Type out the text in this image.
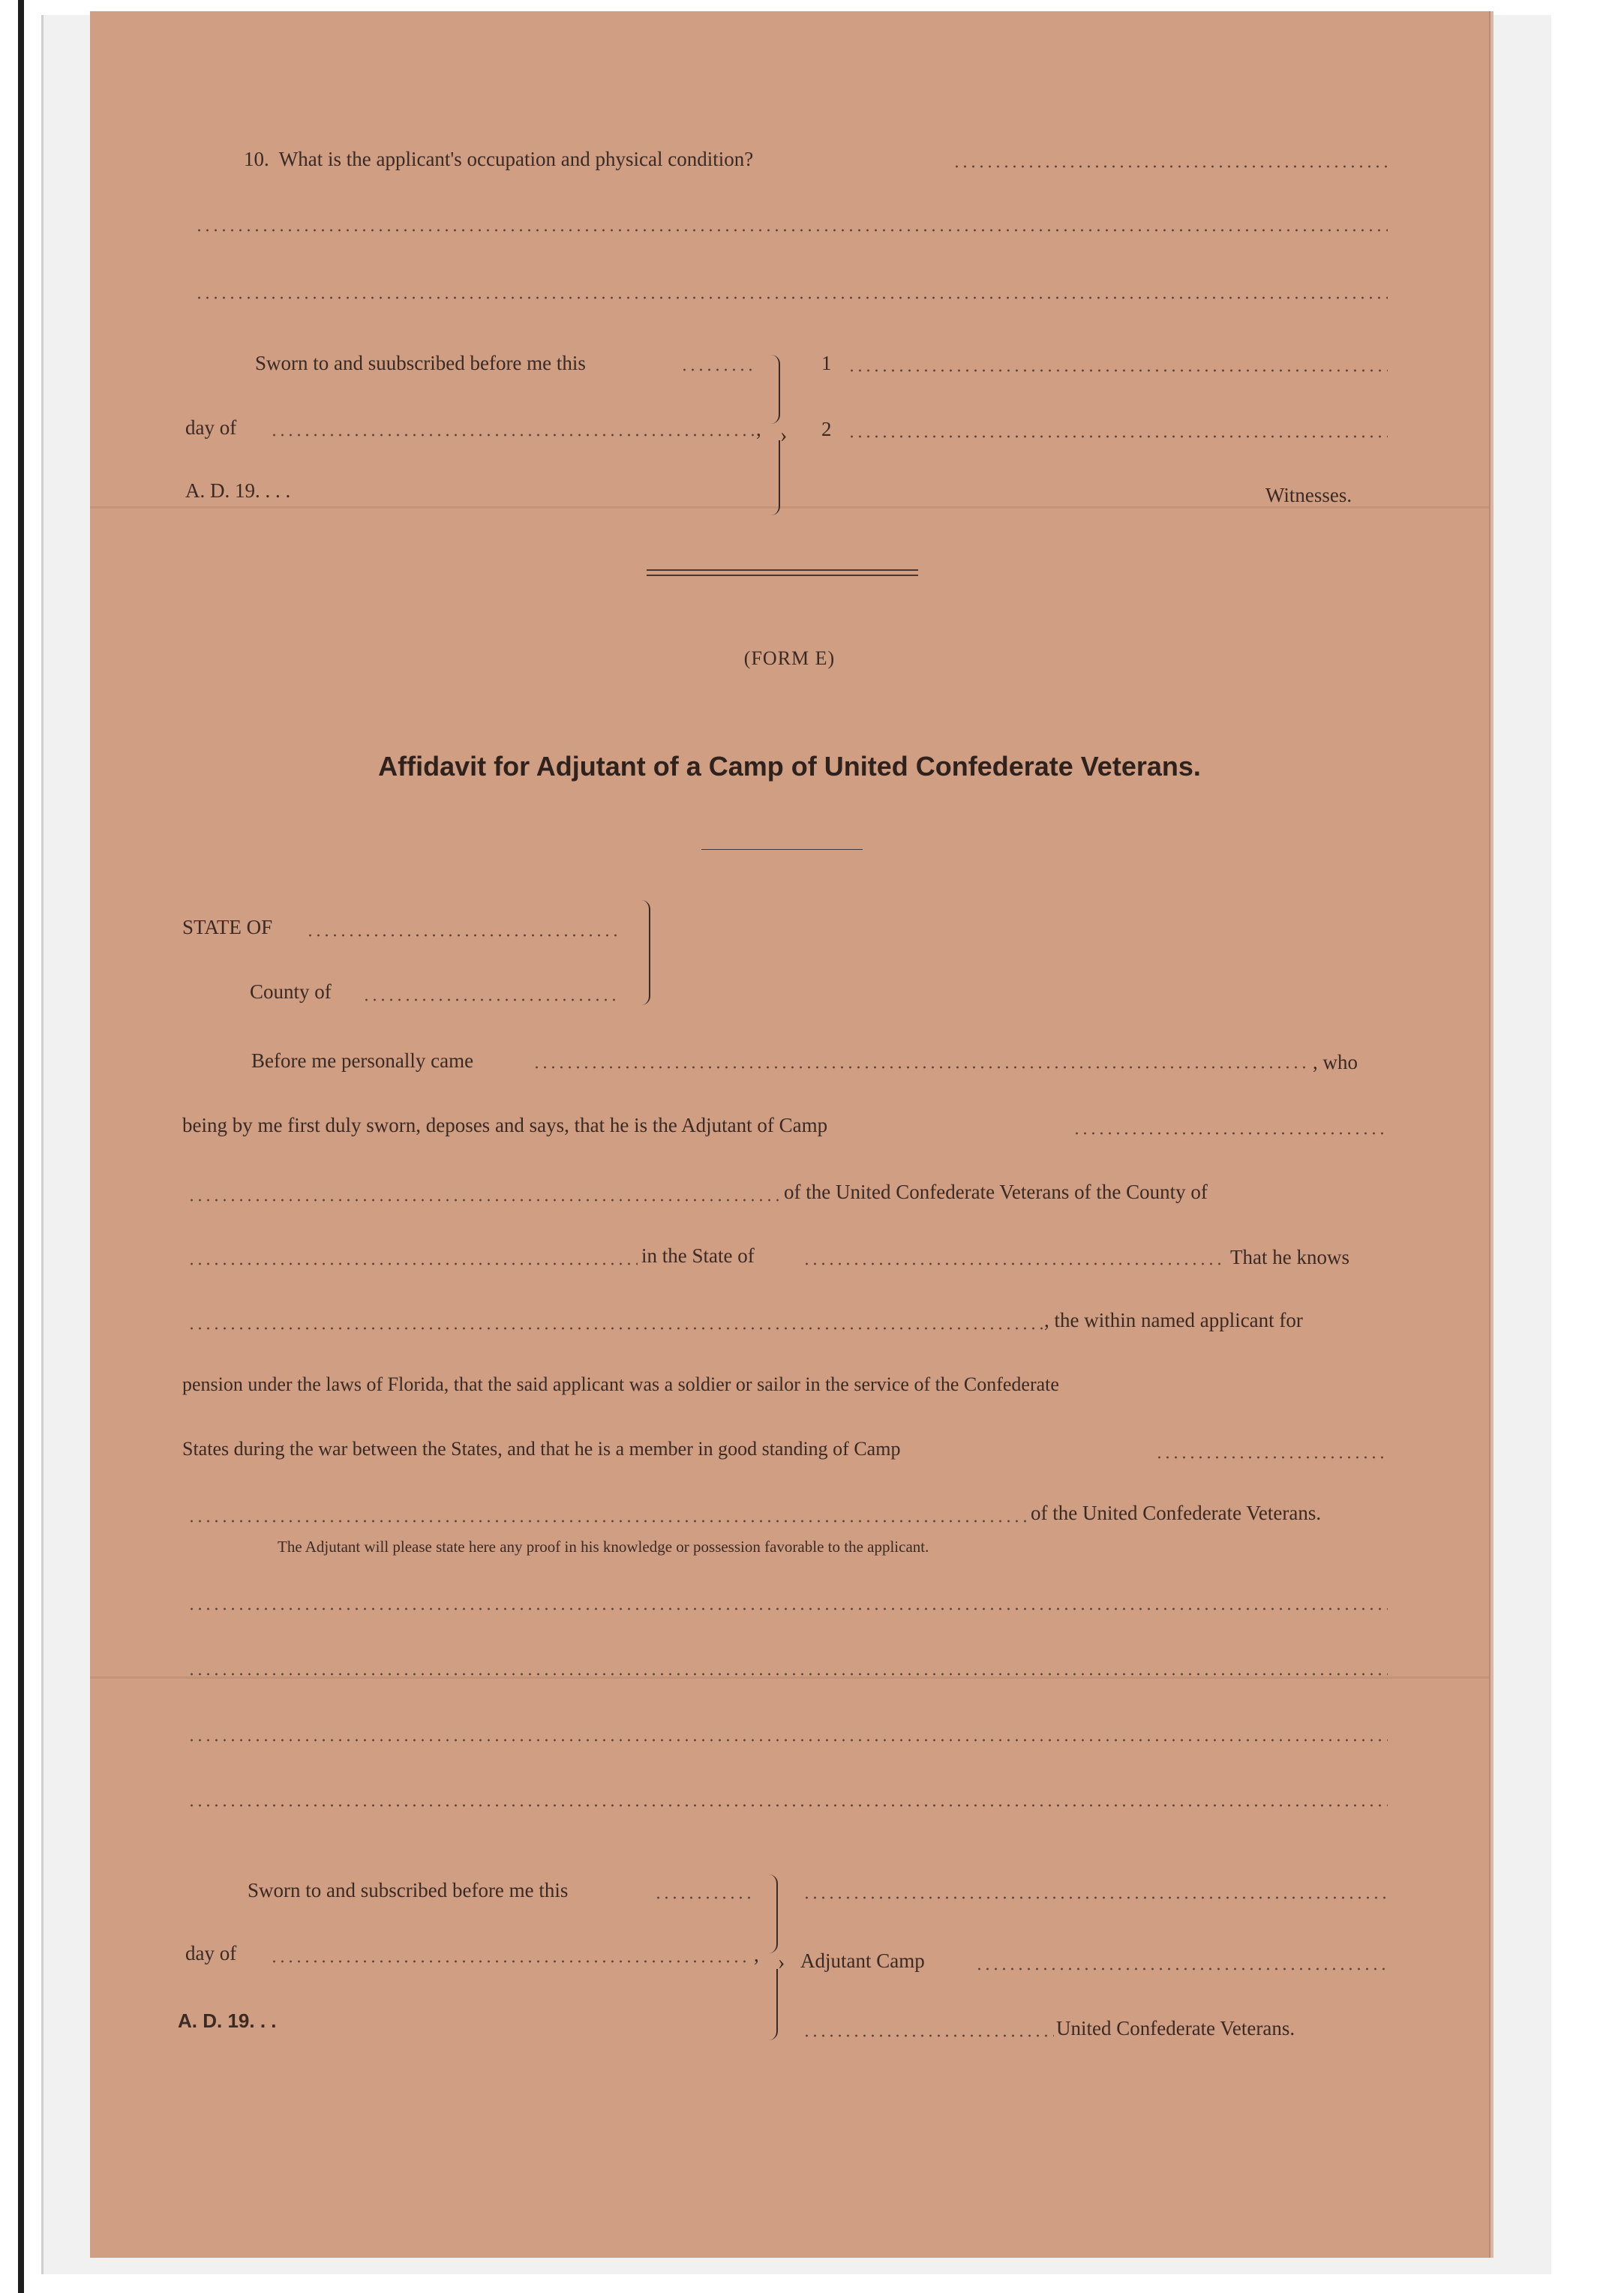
10.  What is the applicant's occupation and physical condition?
Sworn to and suubscribed before me this
day of	,
A. D. 19. . . .
›
1
2
Witnesses.
(FORM E)
Affidavit for Adjutant of a Camp of United Confederate Veterans.
STATE OF
County of
Before me personally came	, who
being by me first duly sworn, deposes and says, that he is the Adjutant of Camp
of the United Confederate Veterans of the County of
in the State of	That he knows
, the within named applicant for
pension under the laws of Florida, that the said applicant was a soldier or sailor in the service of the Confederate
States during the war between the States, and that he is a member in good standing of Camp
of the United Confederate Veterans.
The Adjutant will please state here any proof in his knowledge or possession favorable to the applicant.
Sworn to and subscribed before me this
day of	,
A. D. 19. . .
› Adjutant Camp
United Confederate Veterans.
